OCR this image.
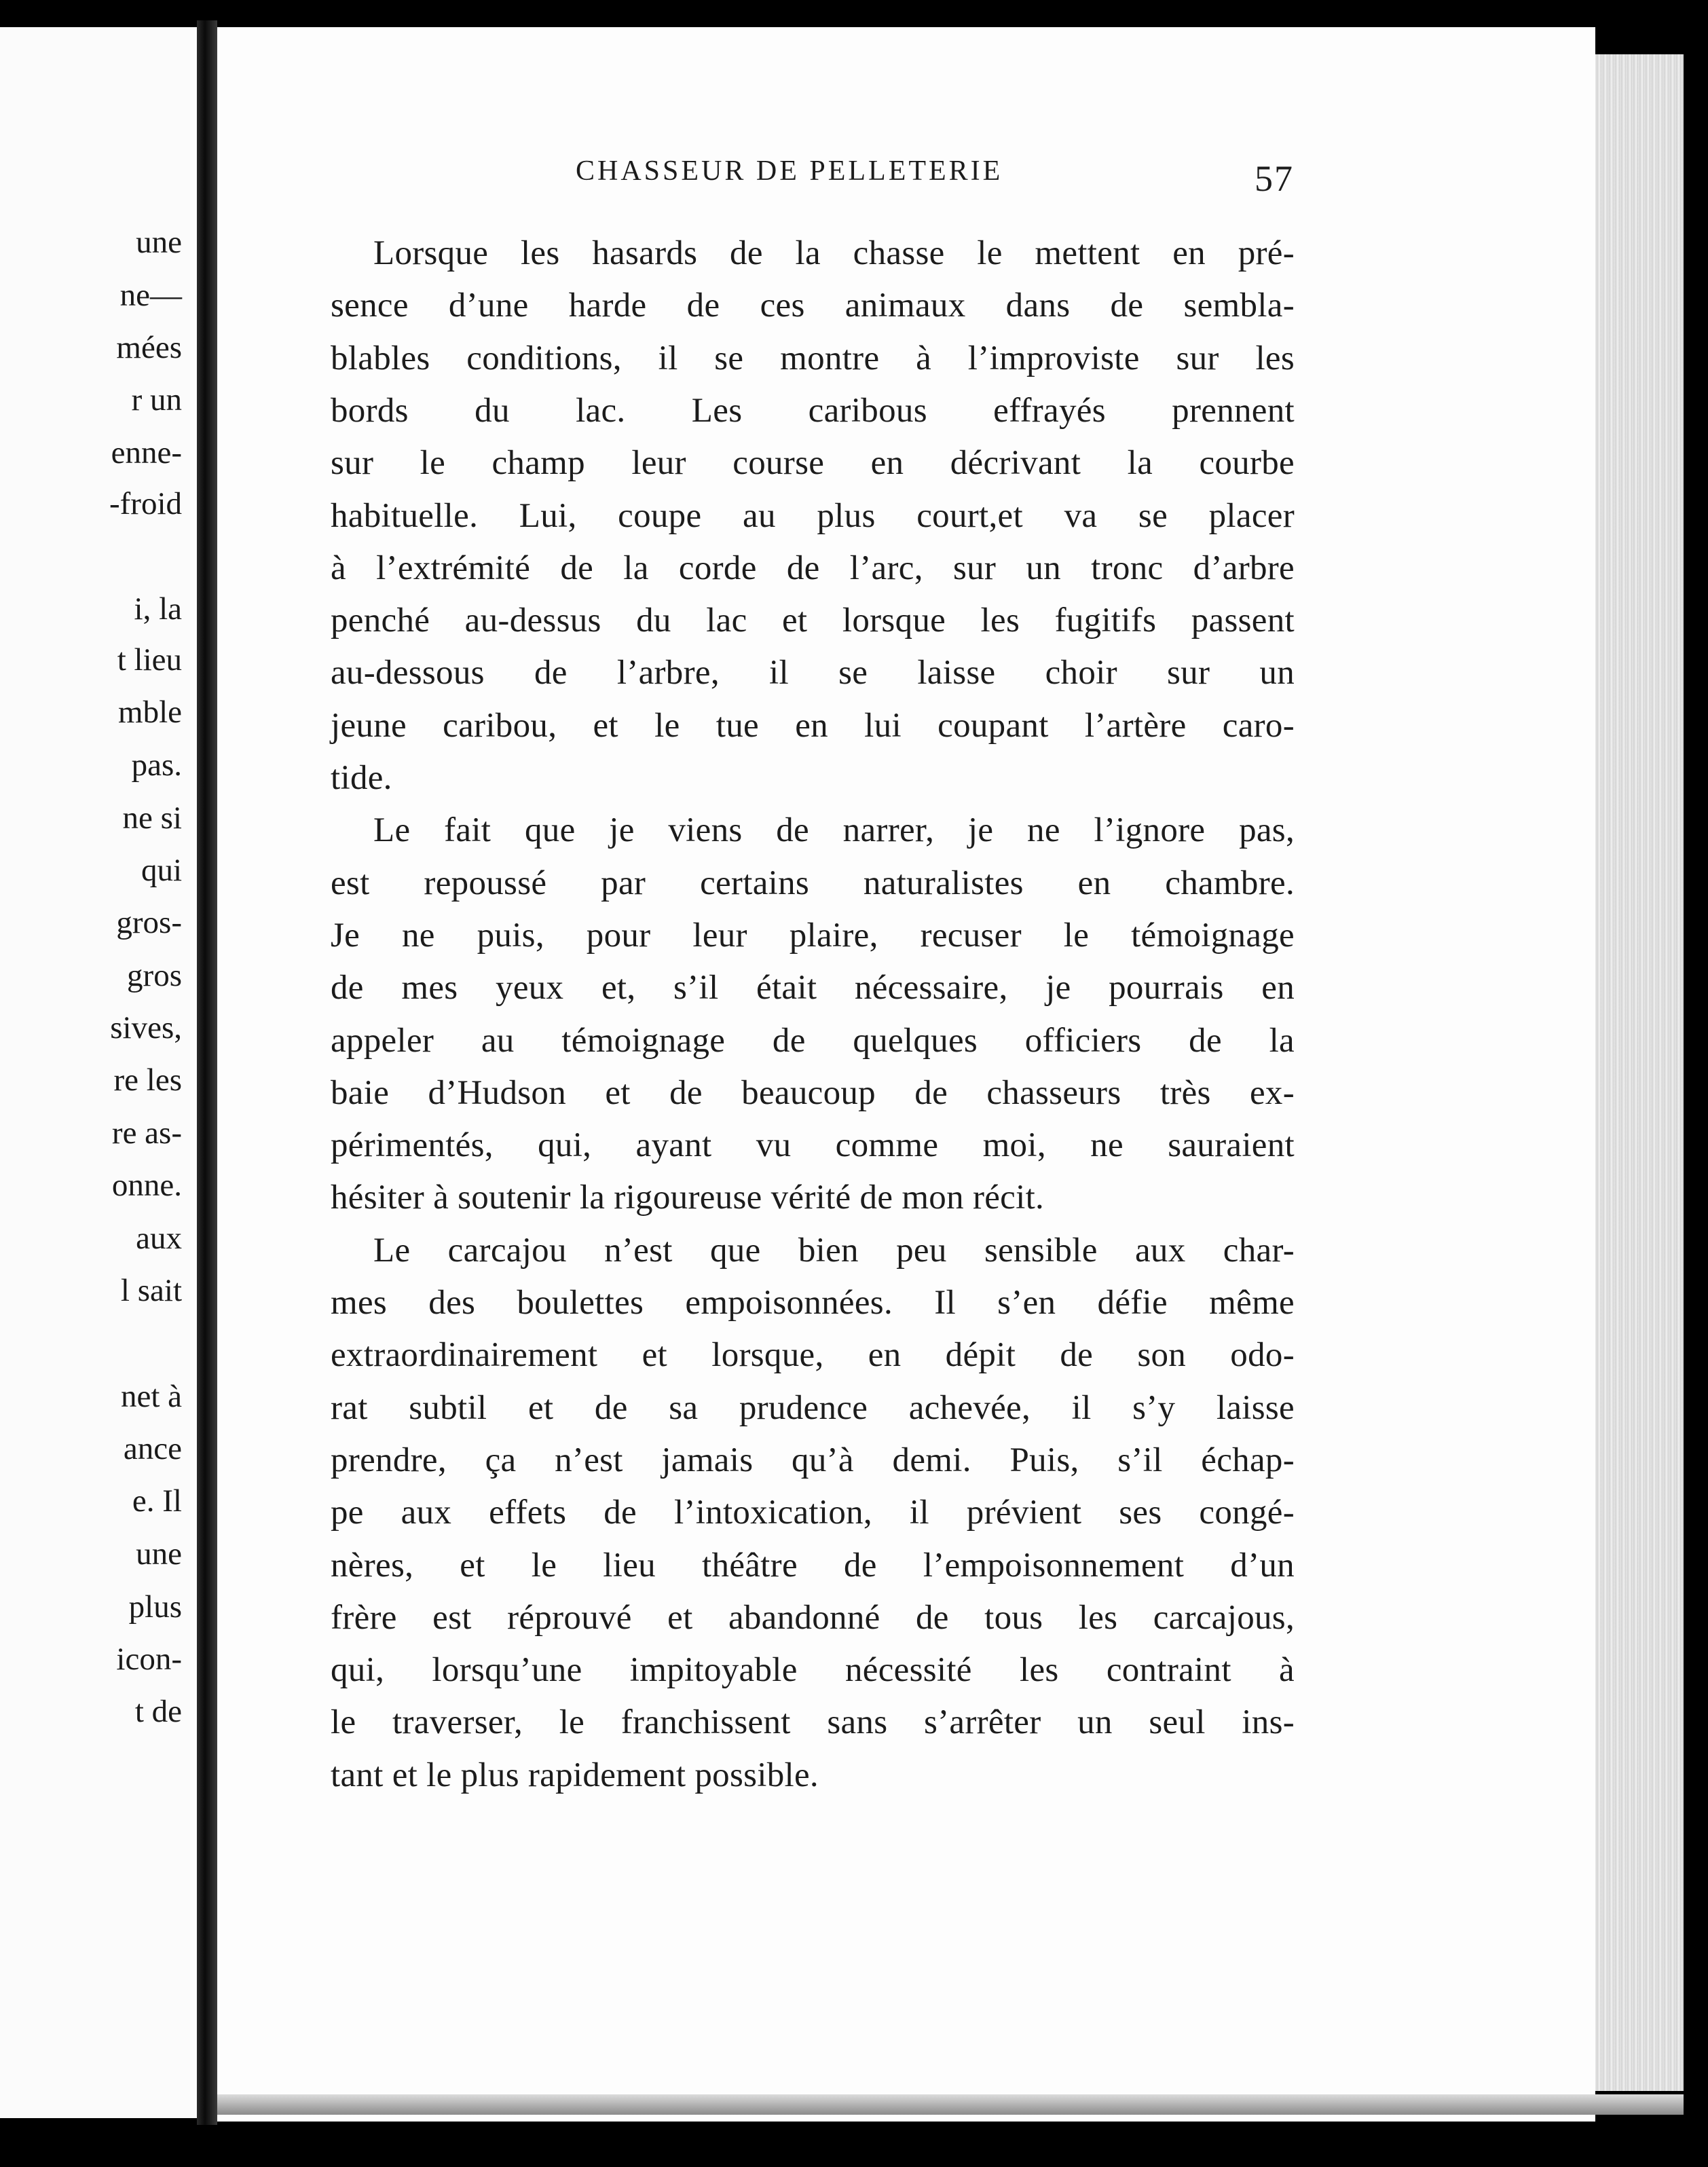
une
ne—
mées
r un
enne-
-froid
i, la
t lieu
mble
pas.
ne si
qui
gros-
gros
sives,
re les
re as-
onne.
aux
l sait
net à
ance
e. Il
une
plus
icon-
t de
CHASSEUR DE PELLETERIE	57
Lorsque les hasards de la chasse le mettent en pré-
sence d’une harde de ces animaux dans de sembla-
blables conditions, il se montre à l’improviste sur les
bords du lac. Les caribous effrayés prennent
sur le champ leur course en décrivant la courbe
habituelle. Lui, coupe au plus court,et va se placer
à l’extrémité de la corde de l’arc, sur un tronc d’arbre
penché au-dessus du lac et lorsque les fugitifs passent
au-dessous de l’arbre, il se laisse choir sur un
jeune caribou, et le tue en lui coupant l’artère caro-
tide.
Le fait que je viens de narrer, je ne l’ignore pas,
est repoussé par certains naturalistes en chambre.
Je ne puis, pour leur plaire, recuser le témoignage
de mes yeux et, s’il était nécessaire, je pourrais en
appeler au témoignage de quelques officiers de la
baie d’Hudson et de beaucoup de chasseurs très ex-
périmentés, qui, ayant vu comme moi, ne sauraient
hésiter à soutenir la rigoureuse vérité de mon récit.
Le carcajou n’est que bien peu sensible aux char-
mes des boulettes empoisonnées. Il s’en défie même
extraordinairement et lorsque, en dépit de son odo-
rat subtil et de sa prudence achevée, il s’y laisse
prendre, ça n’est jamais qu’à demi. Puis, s’il échap-
pe aux effets de l’intoxication, il prévient ses congé-
nères, et le lieu théâtre de l’empoisonnement d’un
frère est réprouvé et abandonné de tous les carcajous,
qui, lorsqu’une impitoyable nécessité les contraint à
le traverser, le franchissent sans s’arrêter un seul ins-
tant et le plus rapidement possible.
